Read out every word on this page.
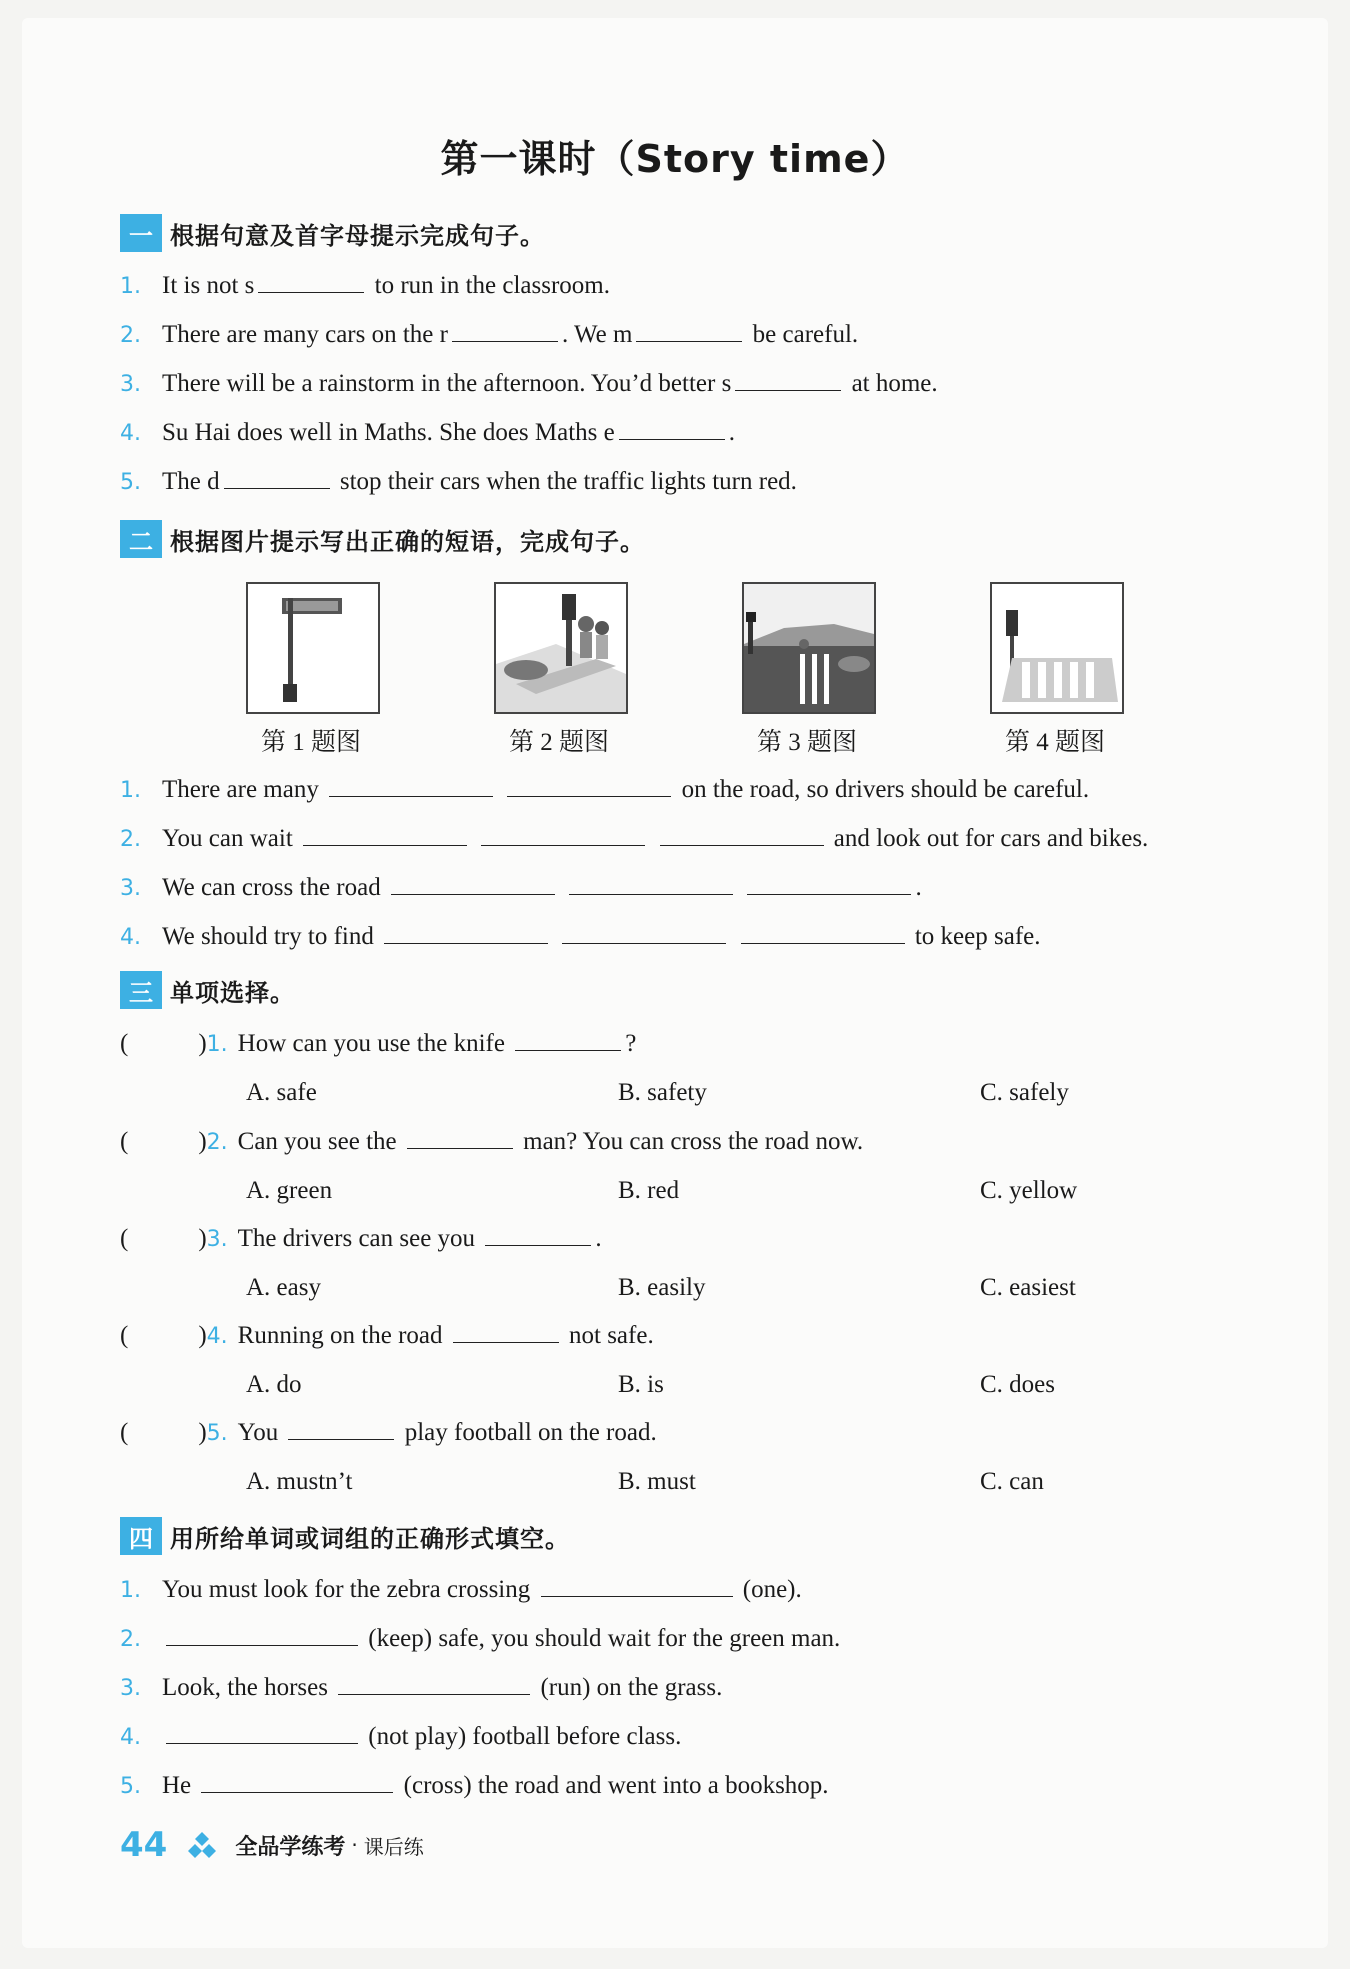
第一课时（Story time）
一 根据句意及首字母提示完成句子。
1. It is not s	to run in the classroom.
2. There are many cars on the r	. We m	be careful.
3. There will be a rainstorm in the afternoon. You’d better s	at home.
4. Su Hai does well in Maths. She does Maths e	.
5. The d	stop their cars when the traffic lights turn red.
二 根据图片提示写出正确的短语，完成句子。
第 1 题图	第 2 题图	第 3 题图	第 4 题图
1. There are many	on the road, so drivers should be careful.
2. You can wait	and look out for cars and bikes.
3. We can cross the road	.
4. We should try to find	to keep safe.
三 单项选择。
(	)1. How can you use the knife	?
A. safe	B. safety	C. safely
(	)2. Can you see the	man? You can cross the road now.
A. green	B. red	C. yellow
(	)3. The drivers can see you	.
A. easy	B. easily	C. easiest
(	)4. Running on the road	not safe.
A. do	B. is	C. does
(	)5. You	play football on the road.
A. mustn’t	B. must	C. can
四 用所给单词或词组的正确形式填空。
1. You must look for the zebra crossing	(one).
2.	(keep) safe, you should wait for the green man.
3. Look, the horses	(run) on the grass.
4.	(not play) football before class.
5. He	(cross) the road and went into a bookshop.
44	全品学练考 · 课后练
